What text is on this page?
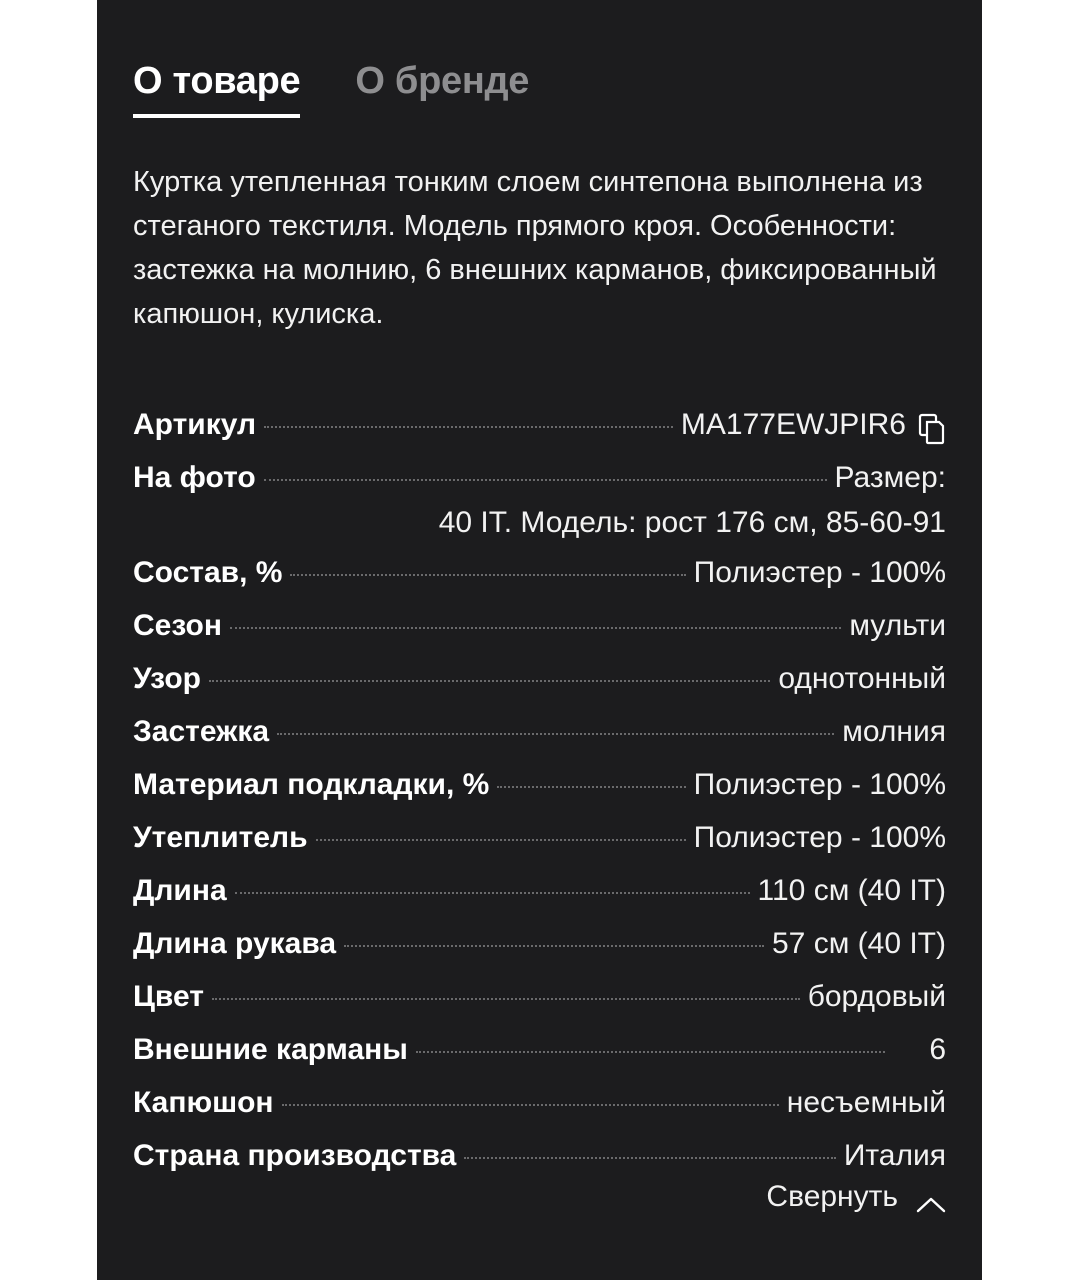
О товаре О бренде
Куртка утепленная тонким слоем синтепона выполнена из стеганого текстиля. Модель прямого кроя. Особенности: застежка на молнию, 6 внешних карманов, фиксированный капюшон, кулиска.
Артикул	MA177EWJPIR6
На фото	Размер:
40 IT. Модель: рост 176 см, 85-60-91
Состав, %	Полиэстер - 100%
Сезон	мульти
Узор	однотонный
Застежка	молния
Материал подкладки, %	Полиэстер - 100%
Утеплитель	Полиэстер - 100%
Длина	110 см (40 IT)
Длина рукава	57 см (40 IT)
Цвет	бордовый
Внешние карманы	6
Капюшон	несъемный
Страна производства	Италия
Свернуть
